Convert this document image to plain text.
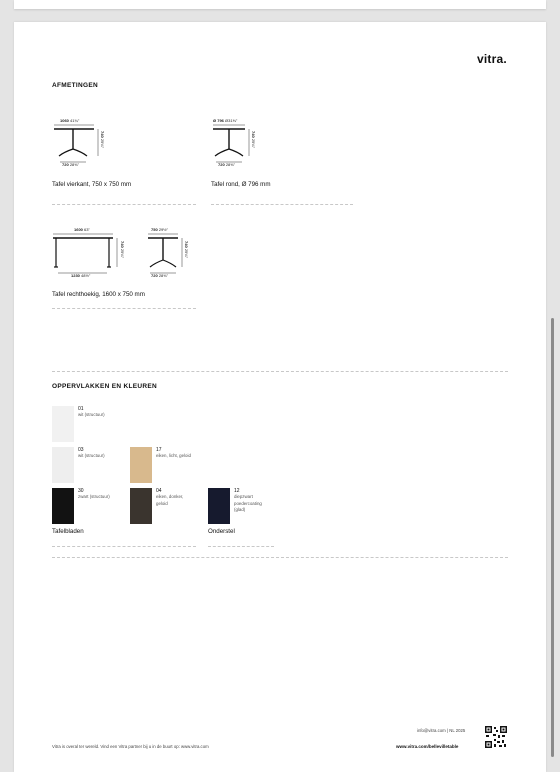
vitra.
AFMETINGEN
1060 41¾"
720 28⅜"
740 29⅛"
Tafel vierkant, 750 x 750 mm
Ø 796 Ø31⅜"
720 28⅜"
740 29⅛"
Tafel rond, Ø 796 mm
1600 63"
1230 48½"
740 29⅛"
750 29½"
720 28⅜"
740 29⅛"
Tafel rechthoekig, 1600 x 750 mm
OPPERVLAKKEN EN KLEUREN
01
wit (structuur)
03
wit (structuur)
17
eiken, licht, geloid
30
zwart (structuur)
04
eiken, donker, geloid
12
diepzwart poedercoating (glad)
Tafelbladen	Onderstel
info@vitra.com | NL 2025
Vitra is overal ter wereld. Vind een Vitra partner bij u in de buurt op: www.vitra.com	www.vitra.com/bellevilletable
